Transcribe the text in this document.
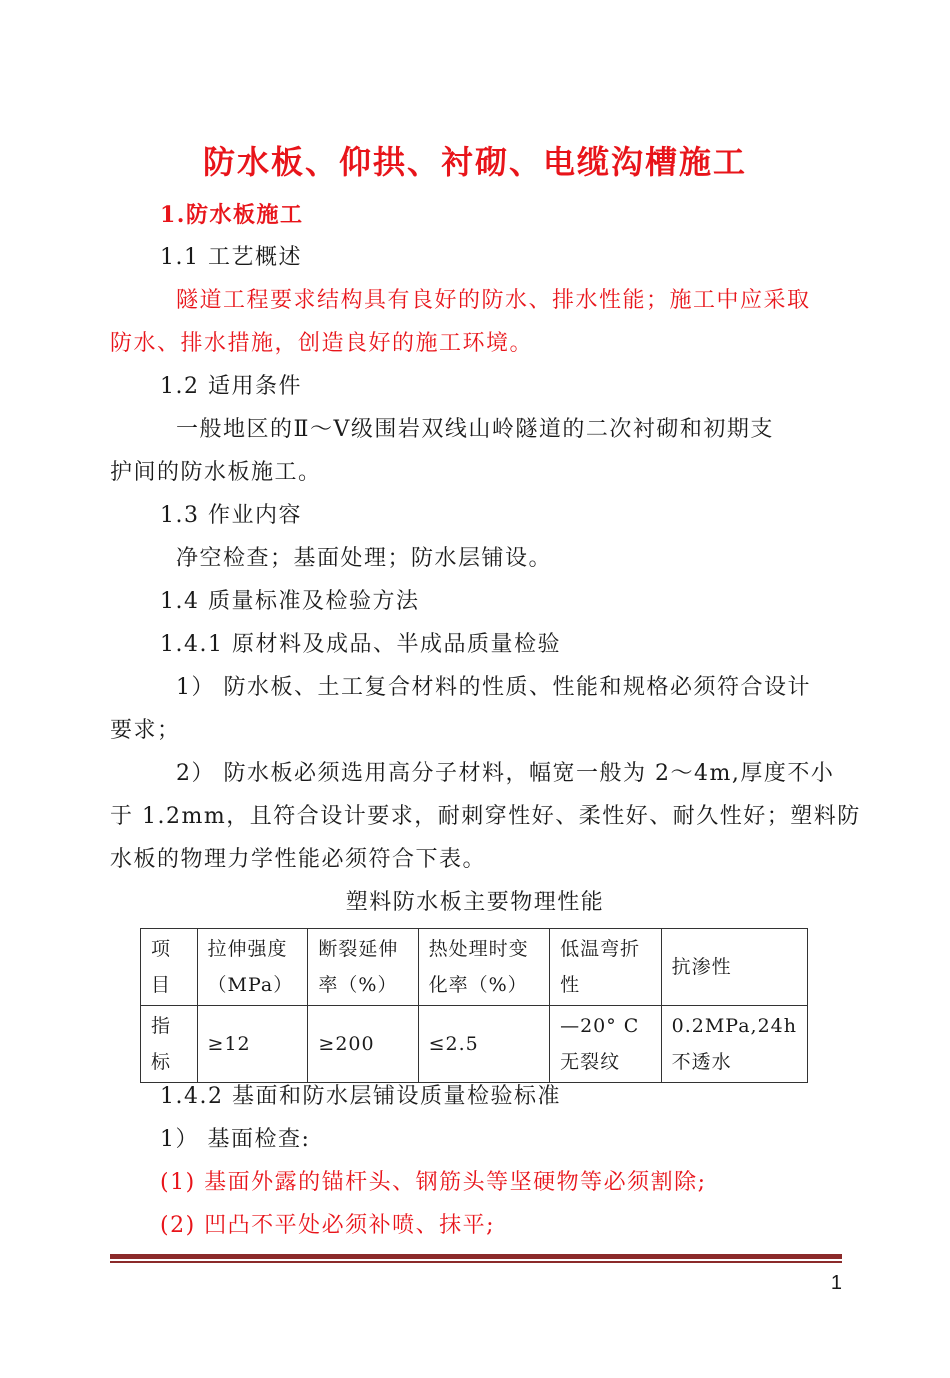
防水板、仰拱、衬砌、电缆沟槽施工
1.防水板施工
1.1 工艺概述
隧道工程要求结构具有良好的防水、排水性能；施工中应采取
防水、排水措施，创造良好的施工环境。
1.2 适用条件
一般地区的Ⅱ～Ⅴ级围岩双线山岭隧道的二次衬砌和初期支
护间的防水板施工。
1.3 作业内容
净空检查；基面处理；防水层铺设。
1.4 质量标准及检验方法
1.4.1 原材料及成品、半成品质量检验
1） 防水板、土工复合材料的性质、性能和规格必须符合设计
要求；
2） 防水板必须选用高分子材料，幅宽一般为 2～4m,厚度不小
于 1.2mm，且符合设计要求，耐刺穿性好、柔性好、耐久性好；塑料防
水板的物理力学性能必须符合下表。
塑料防水板主要物理性能
项目	拉伸强度（MPa）	断裂延伸率（%）	热处理时变化率（%）	低温弯折性	抗渗性
指标	≥12	≥200	≤2.5	—20° C 无裂纹	0.2MPa,24h 不透水
1.4.2 基面和防水层铺设质量检验标准
1） 基面检查:
(1) 基面外露的锚杆头、钢筋头等坚硬物等必须割除;
(2) 凹凸不平处必须补喷、抹平;
1
